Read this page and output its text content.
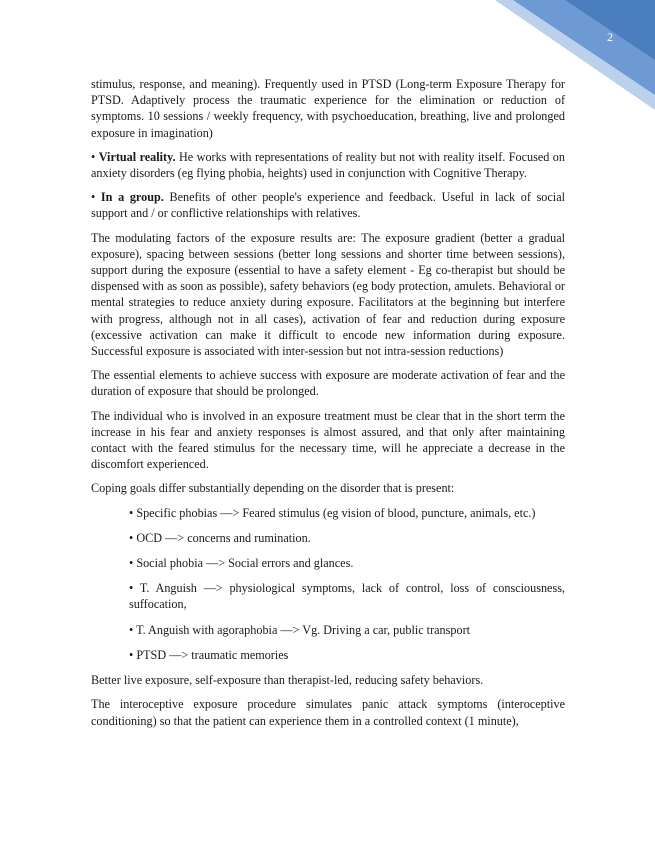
2

stimulus, response, and meaning). Frequently used in PTSD (Long-term Exposure Therapy for PTSD. Adaptively process the traumatic experience for the elimination or reduction of symptoms. 10 sessions / weekly frequency, with psychoeducation, breathing, live and prolonged exposure in imagination)

• Virtual reality. He works with representations of reality but not with reality itself. Focused on anxiety disorders (eg flying phobia, heights) used in conjunction with Cognitive Therapy.

• In a group. Benefits of other people's experience and feedback. Useful in lack of social support and / or conflictive relationships with relatives.

The modulating factors of the exposure results are: The exposure gradient (better a gradual exposure), spacing between sessions (better long sessions and shorter time between sessions), support during the exposure (essential to have a safety element - Eg co-therapist but should be dispensed with as soon as possible), safety behaviors (eg body protection, amulets. Behavioral or mental strategies to reduce anxiety during exposure. Facilitators at the beginning but interfere with progress, although not in all cases), activation of fear and reduction during exposure (excessive activation can make it difficult to encode new information during exposure. Successful exposure is associated with inter-session but not intra-session reductions)

The essential elements to achieve success with exposure are moderate activation of fear and the duration of exposure that should be prolonged.

The individual who is involved in an exposure treatment must be clear that in the short term the increase in his fear and anxiety responses is almost assured, and that only after maintaining contact with the feared stimulus for the necessary time, will he appreciate a decrease in the discomfort experienced.

Coping goals differ substantially depending on the disorder that is present:

• Specific phobias —> Feared stimulus (eg vision of blood, puncture, animals, etc.)
• OCD —> concerns and rumination.
• Social phobia —> Social errors and glances.
• T. Anguish —> physiological symptoms, lack of control, loss of consciousness, suffocation,
• T. Anguish with agoraphobia —> Vg. Driving a car, public transport
• PTSD —> traumatic memories

Better live exposure, self-exposure than therapist-led, reducing safety behaviors.

The interoceptive exposure procedure simulates panic attack symptoms (interoceptive conditioning) so that the patient can experience them in a controlled context (1 minute),
